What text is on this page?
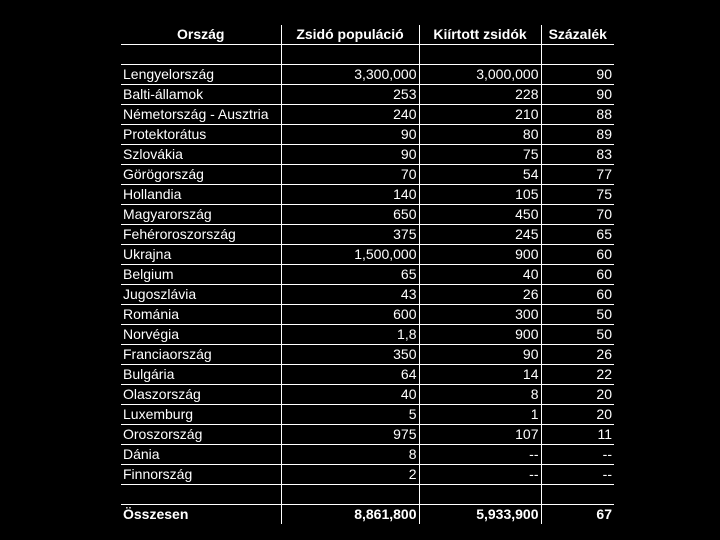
Ország	Zsidó populáció	Kiírtott zsidók	Százalék

Lengyelország	3,300,000	3,000,000	90
Balti-államok	253	228	90
Németország - Ausztria	240	210	88
Protektorátus	90	80	89
Szlovákia	90	75	83
Görögország	70	54	77
Hollandia	140	105	75
Magyarország	650	450	70
Fehéroroszország	375	245	65
Ukrajna	1,500,000	900	60
Belgium	65	40	60
Jugoszlávia	43	26	60
Románia	600	300	50
Norvégia	1,8	900	50
Franciaország	350	90	26
Bulgária	64	14	22
Olaszország	40	8	20
Luxemburg	5	1	20
Oroszország	975	107	11
Dánia	8	--	--
Finnország	2	--	--

Összesen	8,861,800	5,933,900	67
